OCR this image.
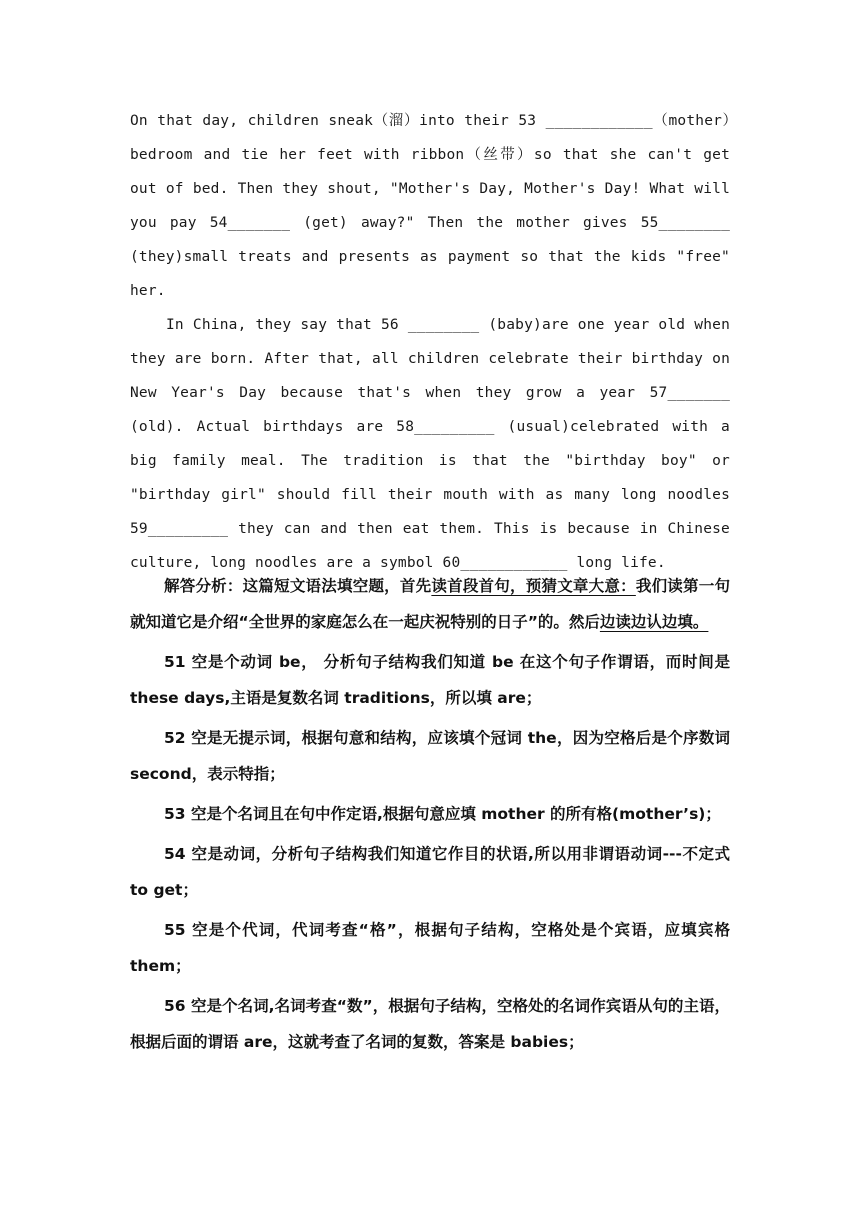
On that day, children sneak（溜）into their 53 ____________（mother）bedroom and tie her feet with ribbon（丝带）so that she can't get out of bed. Then they shout, "Mother's Day, Mother's Day! What will you pay 54_______ (get) away?" Then the mother gives 55________ (they)small treats and presents as payment so that the kids "free" her.

In China, they say that 56 ________ (baby)are one year old when they are born. After that, all children celebrate their birthday on New Year's Day because that's when they grow a year 57_______ (old). Actual birthdays are 58_________ (usual)celebrated with a big family meal. The tradition is that the "birthday boy" or "birthday girl" should fill their mouth with as many long noodles 59_________ they can and then eat them. This is because in Chinese culture, long noodles are a symbol 60____________ long life.

解答分析：这篇短文语法填空题，首先读首段首句，预猜文章大意：我们读第一句就知道它是介绍“全世界的家庭怎么在一起庆祝特别的日子”的。然后边读边认边填。

51 空是个动词 be， 分析句子结构我们知道 be 在这个句子作谓语，而时间是 these days,主语是复数名词 traditions，所以填 are；

52 空是无提示词，根据句意和结构，应该填个冠词 the，因为空格后是个序数词 second，表示特指；

53 空是个名词且在句中作定语,根据句意应填 mother 的所有格(mother’s)；

54 空是动词，分析句子结构我们知道它作目的状语,所以用非谓语动词---不定式 to get；

55 空是个代词，代词考查“格”，根据句子结构，空格处是个宾语，应填宾格 them；

56 空是个名词,名词考查“数”，根据句子结构，空格处的名词作宾语从句的主语，根据后面的谓语 are，这就考查了名词的复数，答案是 babies；
